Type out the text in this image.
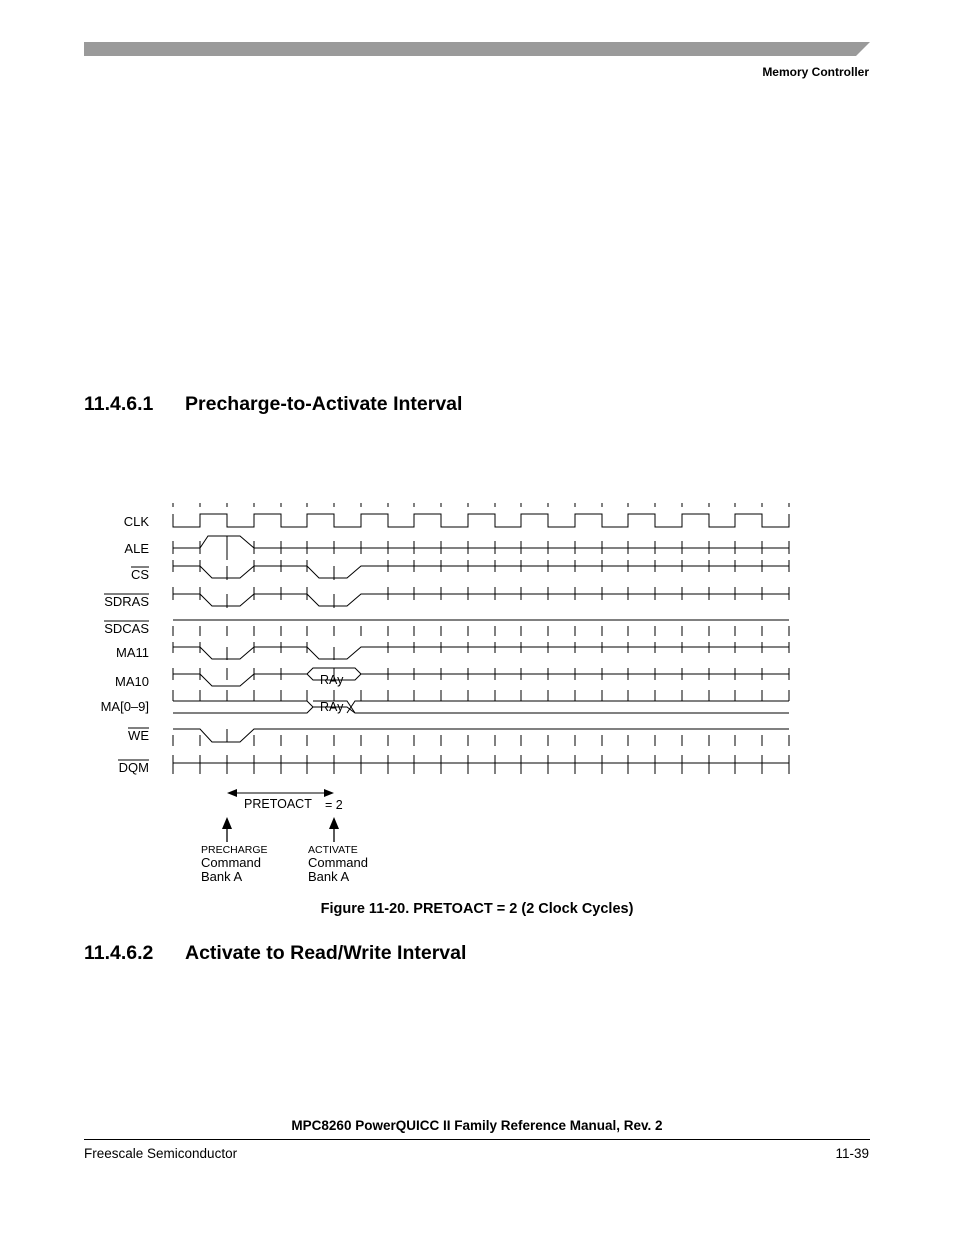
Memory Controller
11.4.6.1 Precharge-to-Activate Interval
CLK
ALE
CS
SDRAS
SDCAS
MA11
MA10
MA[0–9]
WE
DQM
RAy
RAy
PRETOACT = 2
PRECHARGE
Command
Bank A
ACTIVATE
Command
Bank A
Figure 11-20. PRETOACT = 2 (2 Clock Cycles)
11.4.6.2 Activate to Read/Write Interval
MPC8260 PowerQUICC II Family Reference Manual, Rev. 2
Freescale Semiconductor	11-39
